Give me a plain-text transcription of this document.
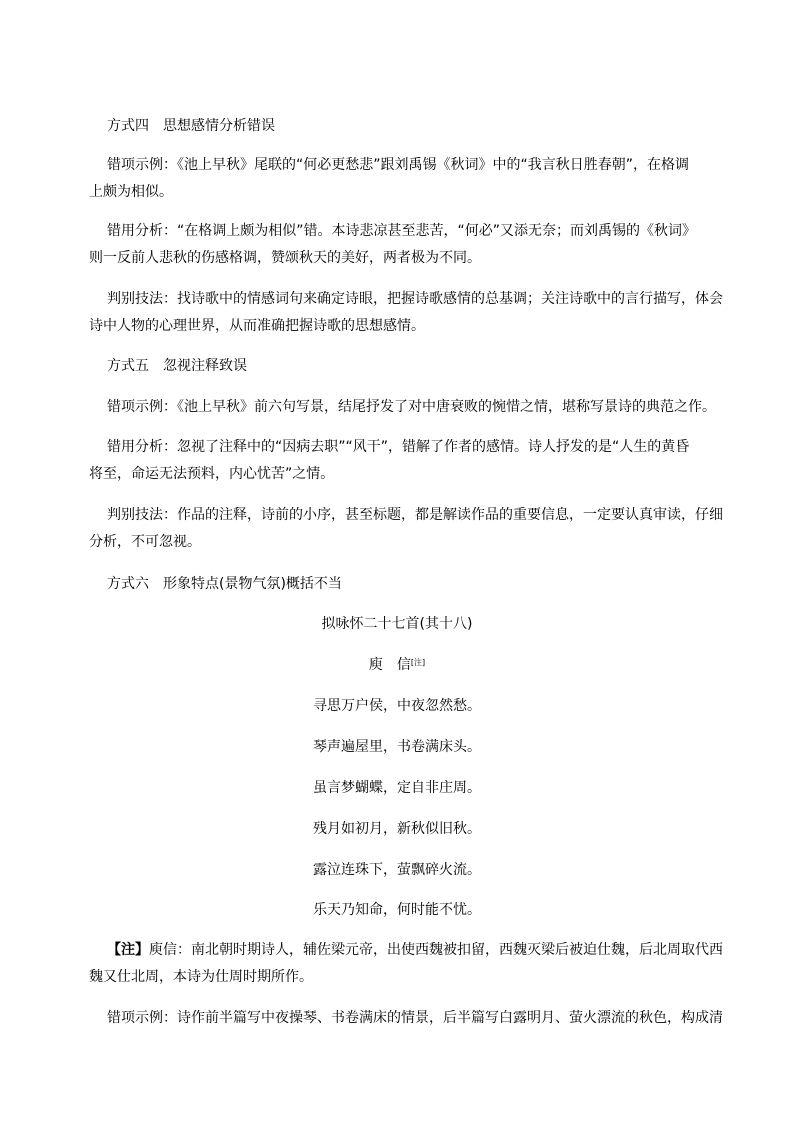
方式四　思想感情分析错误
错项示例：《池上早秋》尾联的“何必更愁悲”跟刘禹锡《秋词》中的“我言秋日胜春朝”，在格调
上颇为相似。
错用分析：“在格调上颇为相似”错。本诗悲凉甚至悲苦，“何必”又添无奈；而刘禹锡的《秋词》
则一反前人悲秋的伤感格调，赞颂秋天的美好，两者极为不同。
判别技法：找诗歌中的情感词句来确定诗眼，把握诗歌感情的总基调；关注诗歌中的言行描写，体会
诗中人物的心理世界，从而准确把握诗歌的思想感情。
方式五　忽视注释致误
错项示例：《池上早秋》前六句写景，结尾抒发了对中唐衰败的惋惜之情，堪称写景诗的典范之作。
错用分析：忽视了注释中的“因病去职”“风干”，错解了作者的感情。诗人抒发的是“人生的黄昏
将至，命运无法预料，内心忧苦”之情。
判别技法：作品的注释，诗前的小序，甚至标题，都是解读作品的重要信息，一定要认真审读，仔细
分析，不可忽视。
方式六　形象特点(景物气氛)概括不当
拟咏怀二十七首(其十八)
庾　信[注]
寻思万户侯，中夜忽然愁。
琴声遍屋里，书卷满床头。
虽言梦蝴蝶，定自非庄周。
残月如初月，新秋似旧秋。
露泣连珠下，萤飘碎火流。
乐天乃知命，何时能不忧。
【注】庾信：南北朝时期诗人，辅佐梁元帝，出使西魏被扣留，西魏灭梁后被迫仕魏，后北周取代西
魏又仕北周，本诗为仕周时期所作。
错项示例：诗作前半篇写中夜操琴、书卷满床的情景，后半篇写白露明月、萤火漂流的秋色，构成清
